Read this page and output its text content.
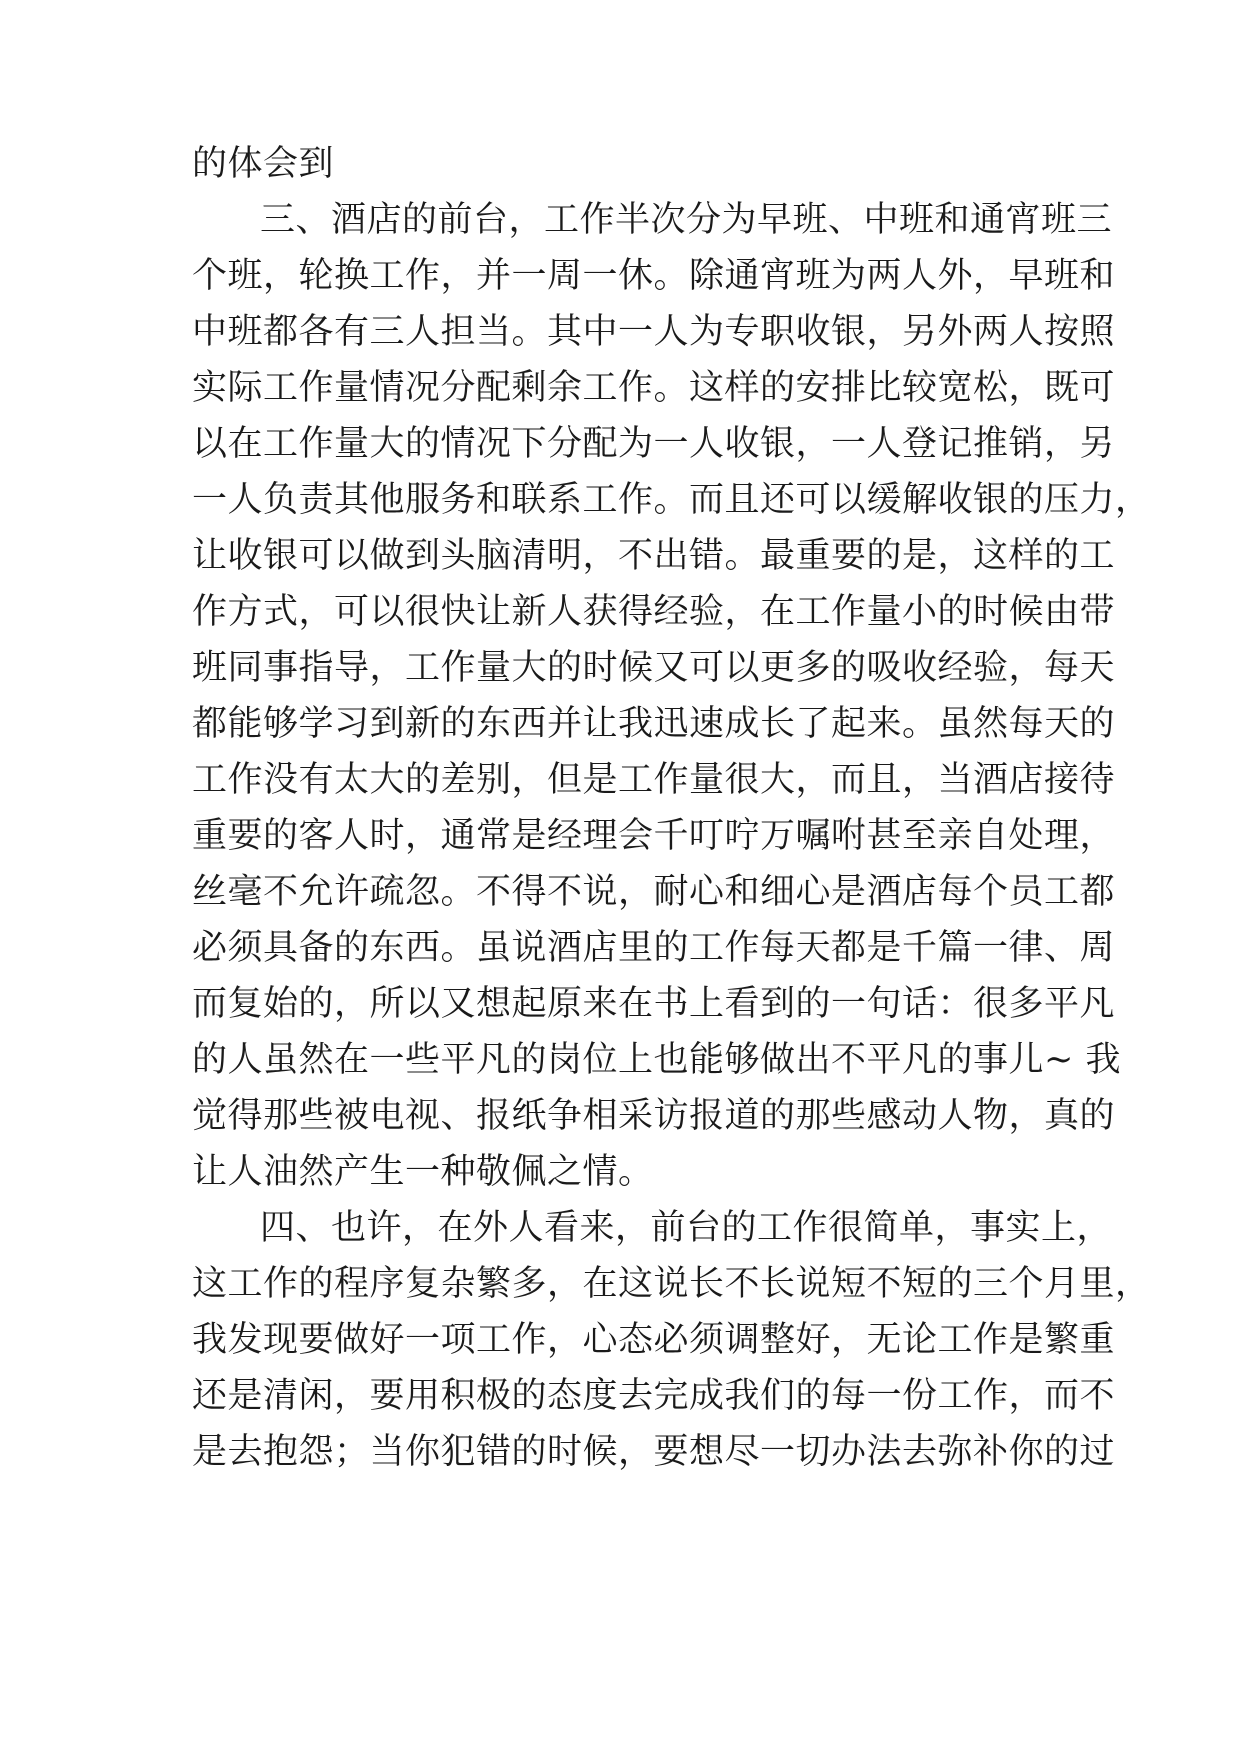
的体会到
三、酒店的前台，工作半次分为早班、中班和通宵班三
个班，轮换工作，并一周一休。除通宵班为两人外，早班和
中班都各有三人担当。其中一人为专职收银，另外两人按照
实际工作量情况分配剩余工作。这样的安排比较宽松，既可
以在工作量大的情况下分配为一人收银，一人登记推销，另
一人负责其他服务和联系工作。而且还可以缓解收银的压力，
让收银可以做到头脑清明，不出错。最重要的是，这样的工
作方式，可以很快让新人获得经验，在工作量小的时候由带
班同事指导，工作量大的时候又可以更多的吸收经验，每天
都能够学习到新的东西并让我迅速成长了起来。虽然每天的
工作没有太大的差别，但是工作量很大，而且，当酒店接待
重要的客人时，通常是经理会千叮咛万嘱咐甚至亲自处理，
丝毫不允许疏忽。不得不说，耐心和细心是酒店每个员工都
必须具备的东西。虽说酒店里的工作每天都是千篇一律、周
而复始的，所以又想起原来在书上看到的一句话：很多平凡
的人虽然在一些平凡的岗位上也能够做出不平凡的事儿~ 我
觉得那些被电视、报纸争相采访报道的那些感动人物，真的
让人油然产生一种敬佩之情。
四、也许，在外人看来，前台的工作很简单，事实上，
这工作的程序复杂繁多，在这说长不长说短不短的三个月里，
我发现要做好一项工作，心态必须调整好，无论工作是繁重
还是清闲，要用积极的态度去完成我们的每一份工作，而不
是去抱怨；当你犯错的时候，要想尽一切办法去弥补你的过
